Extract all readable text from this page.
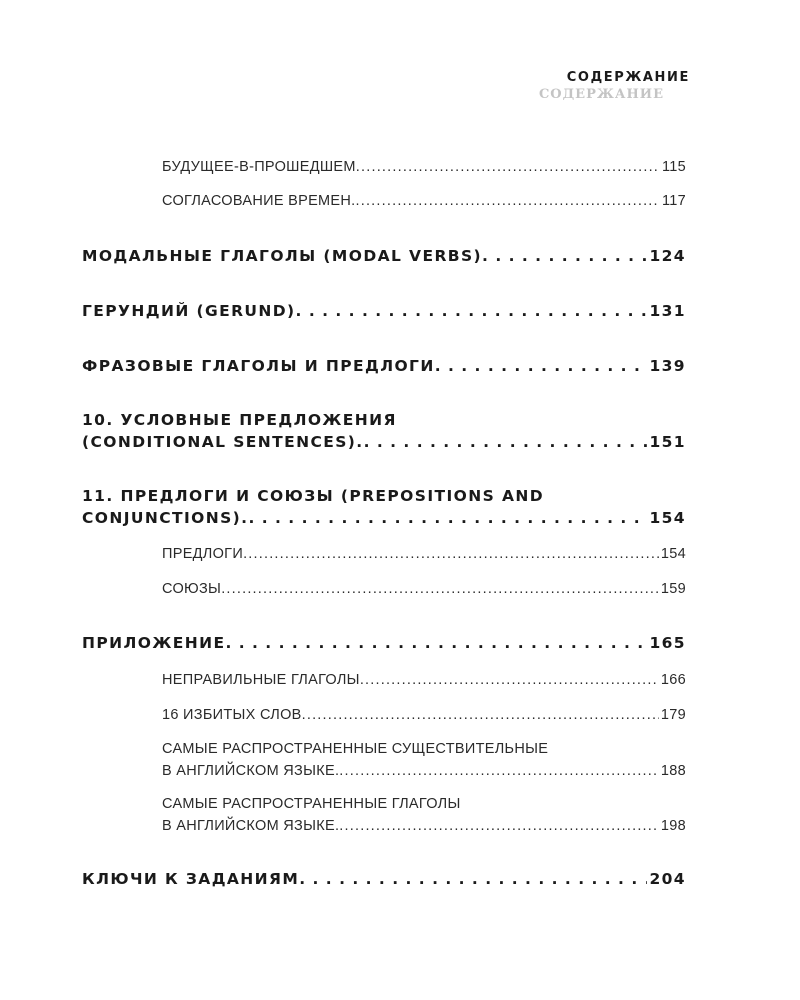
СОДЕРЖАНИЕ
СОДЕРЖАНИЕ
БУДУЩЕЕ-В-ПРОШЕДШЕМ .....	115
СОГЛАСОВАНИЕ ВРЕМЕН. .....	117
МОДАЛЬНЫЕ ГЛАГОЛЫ (MODAL VERBS) . . .	124
ГЕРУНДИЙ (GERUND) . . .	131
ФРАЗОВЫЕ ГЛАГОЛЫ И ПРЕДЛОГИ . . .	139
10. УСЛОВНЫЕ ПРЕДЛОЖЕНИЯ
(CONDITIONAL SENTENCES). . . .	151
11. ПРЕДЛОГИ И СОЮЗЫ (PREPOSITIONS AND
CONJUNCTIONS). . . .	154
ПРЕДЛОГИ .....	154
СОЮЗЫ .....	159
ПРИЛОЖЕНИЕ . . .	165
НЕПРАВИЛЬНЫЕ ГЛАГОЛЫ .....	166
16 ИЗБИТЫХ СЛОВ .....	179
САМЫЕ РАСПРОСТРАНЕННЫЕ СУЩЕСТВИТЕЛЬНЫЕ
В АНГЛИЙСКОМ ЯЗЫКЕ. .....	188
САМЫЕ РАСПРОСТРАНЕННЫЕ ГЛАГОЛЫ
В АНГЛИЙСКОМ ЯЗЫКЕ. .....	198
КЛЮЧИ К ЗАДАНИЯМ . . .	204
